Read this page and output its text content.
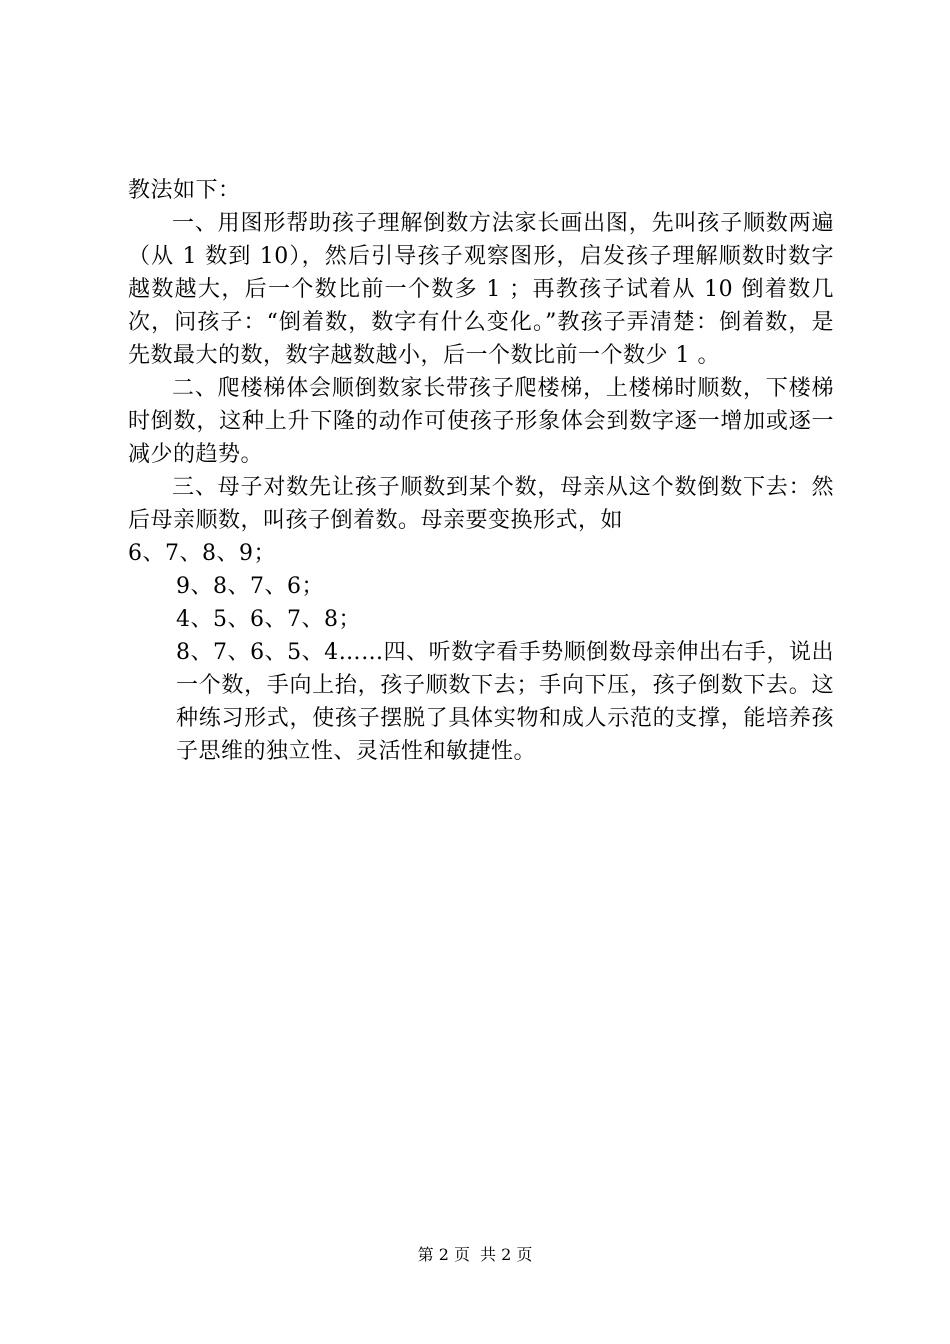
教法如下：

一、用图形帮助孩子理解倒数方法家长画出图，先叫孩子顺数两遍（从 1 数到 10），然后引导孩子观察图形，启发孩子理解顺数时数字越数越大，后一个数比前一个数多 1 ；再教孩子试着从 10 倒着数几次，问孩子：“倒着数，数字有什么变化。”教孩子弄清楚：倒着数，是先数最大的数，数字越数越小，后一个数比前一个数少 1 。

二、爬楼梯体会顺倒数家长带孩子爬楼梯，上楼梯时顺数，下楼梯时倒数，这种上升下隆的动作可使孩子形象体会到数字逐一增加或逐一减少的趋势。

三、母子对数先让孩子顺数到某个数，母亲从这个数倒数下去：然后母亲顺数，叫孩子倒着数。母亲要变换形式，如

6、7、8、9；

9、8、7、6；

4、5、6、7、8；

8、7、6、5、4……四、听数字看手势顺倒数母亲伸出右手，说出一个数，手向上抬，孩子顺数下去；手向下压，孩子倒数下去。这种练习形式，使孩子摆脱了具体实物和成人示范的支撑，能培养孩子思维的独立性、灵活性和敏捷性。

第 2 页 共 2 页
